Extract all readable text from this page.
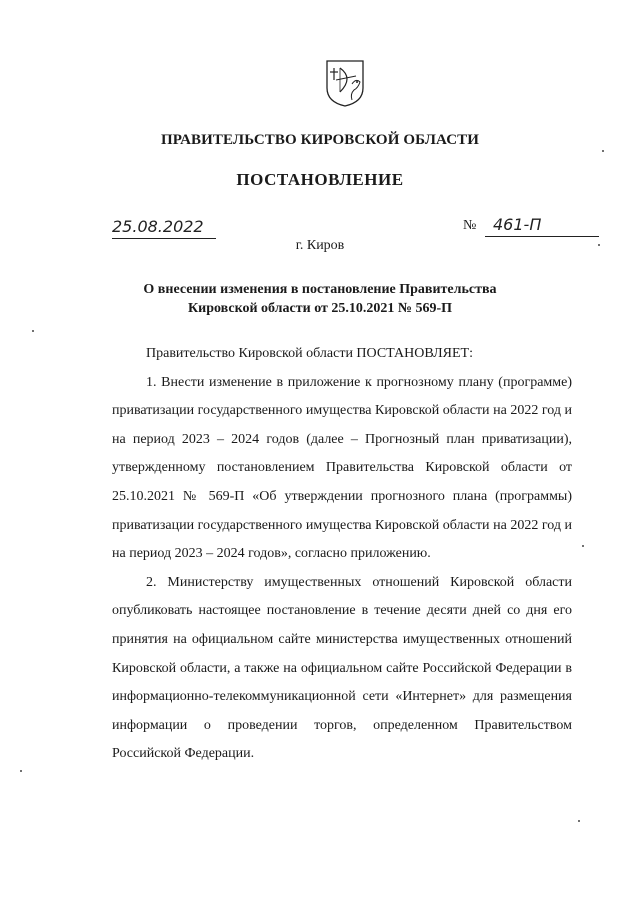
ПРАВИТЕЛЬСТВО КИРОВСКОЙ ОБЛАСТИ
ПОСТАНОВЛЕНИЕ
25.08.2022	№	461-П
г. Киров
О внесении изменения в постановление Правительства
Кировской области от 25.10.2021 № 569-П

Правительство Кировской области ПОСТАНОВЛЯЕТ:

1. Внести изменение в приложение к прогнозному плану (программе) приватизации государственного имущества Кировской области на 2022 год и на период 2023 – 2024 годов (далее – Прогнозный план приватизации), утвержденному постановлением Правительства Кировской области от 25.10.2021 № 569-П «Об утверждении прогнозного плана (программы) приватизации государственного имущества Кировской области на 2022 год и на период 2023 – 2024 годов», согласно приложению.

2. Министерству имущественных отношений Кировской области опубликовать настоящее постановление в течение десяти дней со дня его принятия на официальном сайте министерства имущественных отношений Кировской области, а также на официальном сайте Российской Федерации в информационно-телекоммуникационной сети «Интернет» для размещения информации о проведении торгов, определенном Правительством Российской Федерации.
